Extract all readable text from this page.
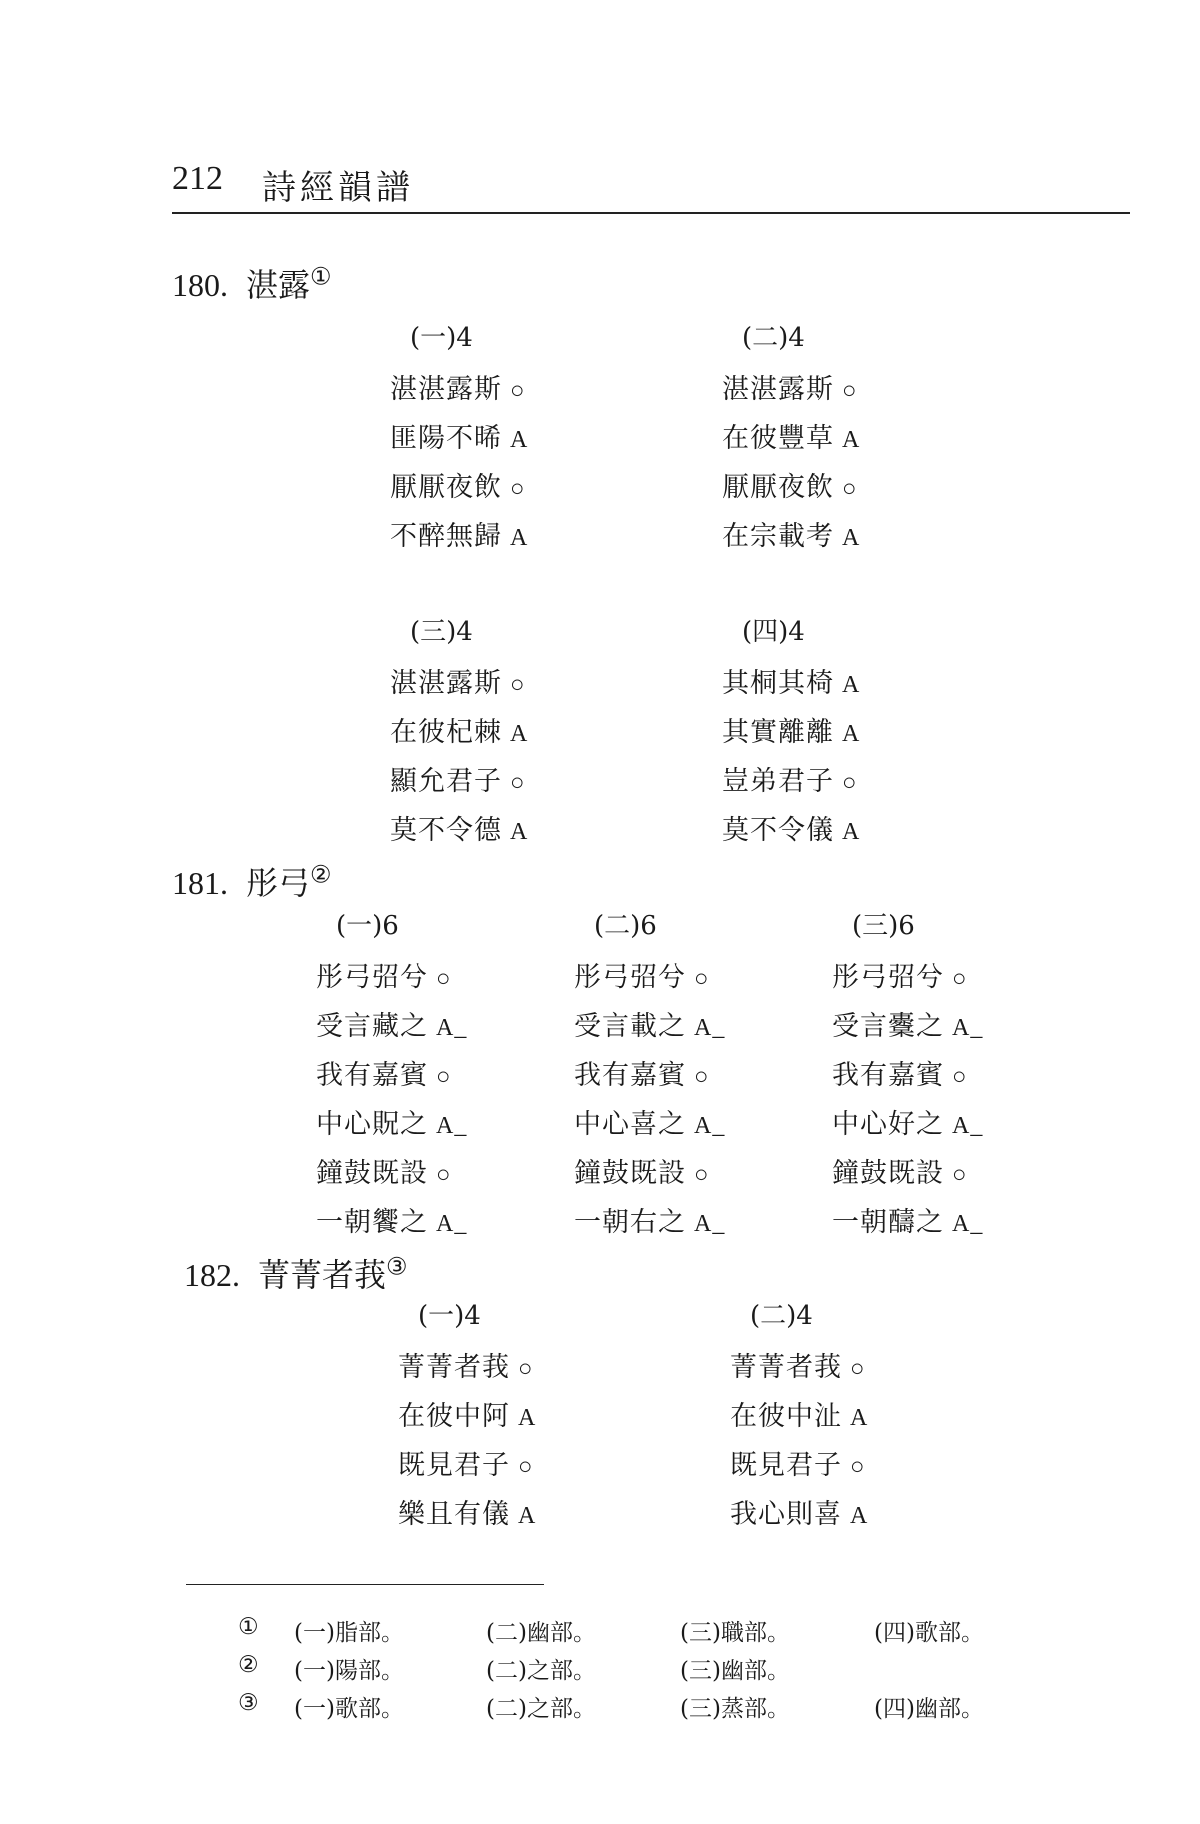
212 詩經韻譜
180. 湛露①
(一)4
湛湛露斯 ○
匪陽不晞 A
厭厭夜飲 ○
不醉無歸 A
(二)4
湛湛露斯 ○
在彼豐草 A
厭厭夜飲 ○
在宗載考 A
(三)4
湛湛露斯 ○
在彼杞棘 A
顯允君子 ○
莫不令德 A
(四)4
其桐其椅 A
其實離離 A
豈弟君子 ○
莫不令儀 A
181. 彤弓②
(一)6
彤弓弨兮 ○
受言藏之 A_
我有嘉賓 ○
中心貺之 A_
鐘鼓既設 ○
一朝饗之 A_
(二)6
彤弓弨兮 ○
受言載之 A_
我有嘉賓 ○
中心喜之 A_
鐘鼓既設 ○
一朝右之 A_
(三)6
彤弓弨兮 ○
受言櫜之 A_
我有嘉賓 ○
中心好之 A_
鐘鼓既設 ○
一朝醻之 A_
182. 菁菁者莪③
(一)4
菁菁者莪 ○
在彼中阿 A
既見君子 ○
樂且有儀 A
(二)4
菁菁者莪 ○
在彼中沚 A
既見君子 ○
我心則喜 A
① (一)脂部。	(二)幽部。	(三)職部。	(四)歌部。
② (一)陽部。	(二)之部。	(三)幽部。
③ (一)歌部。	(二)之部。	(三)蒸部。	(四)幽部。
